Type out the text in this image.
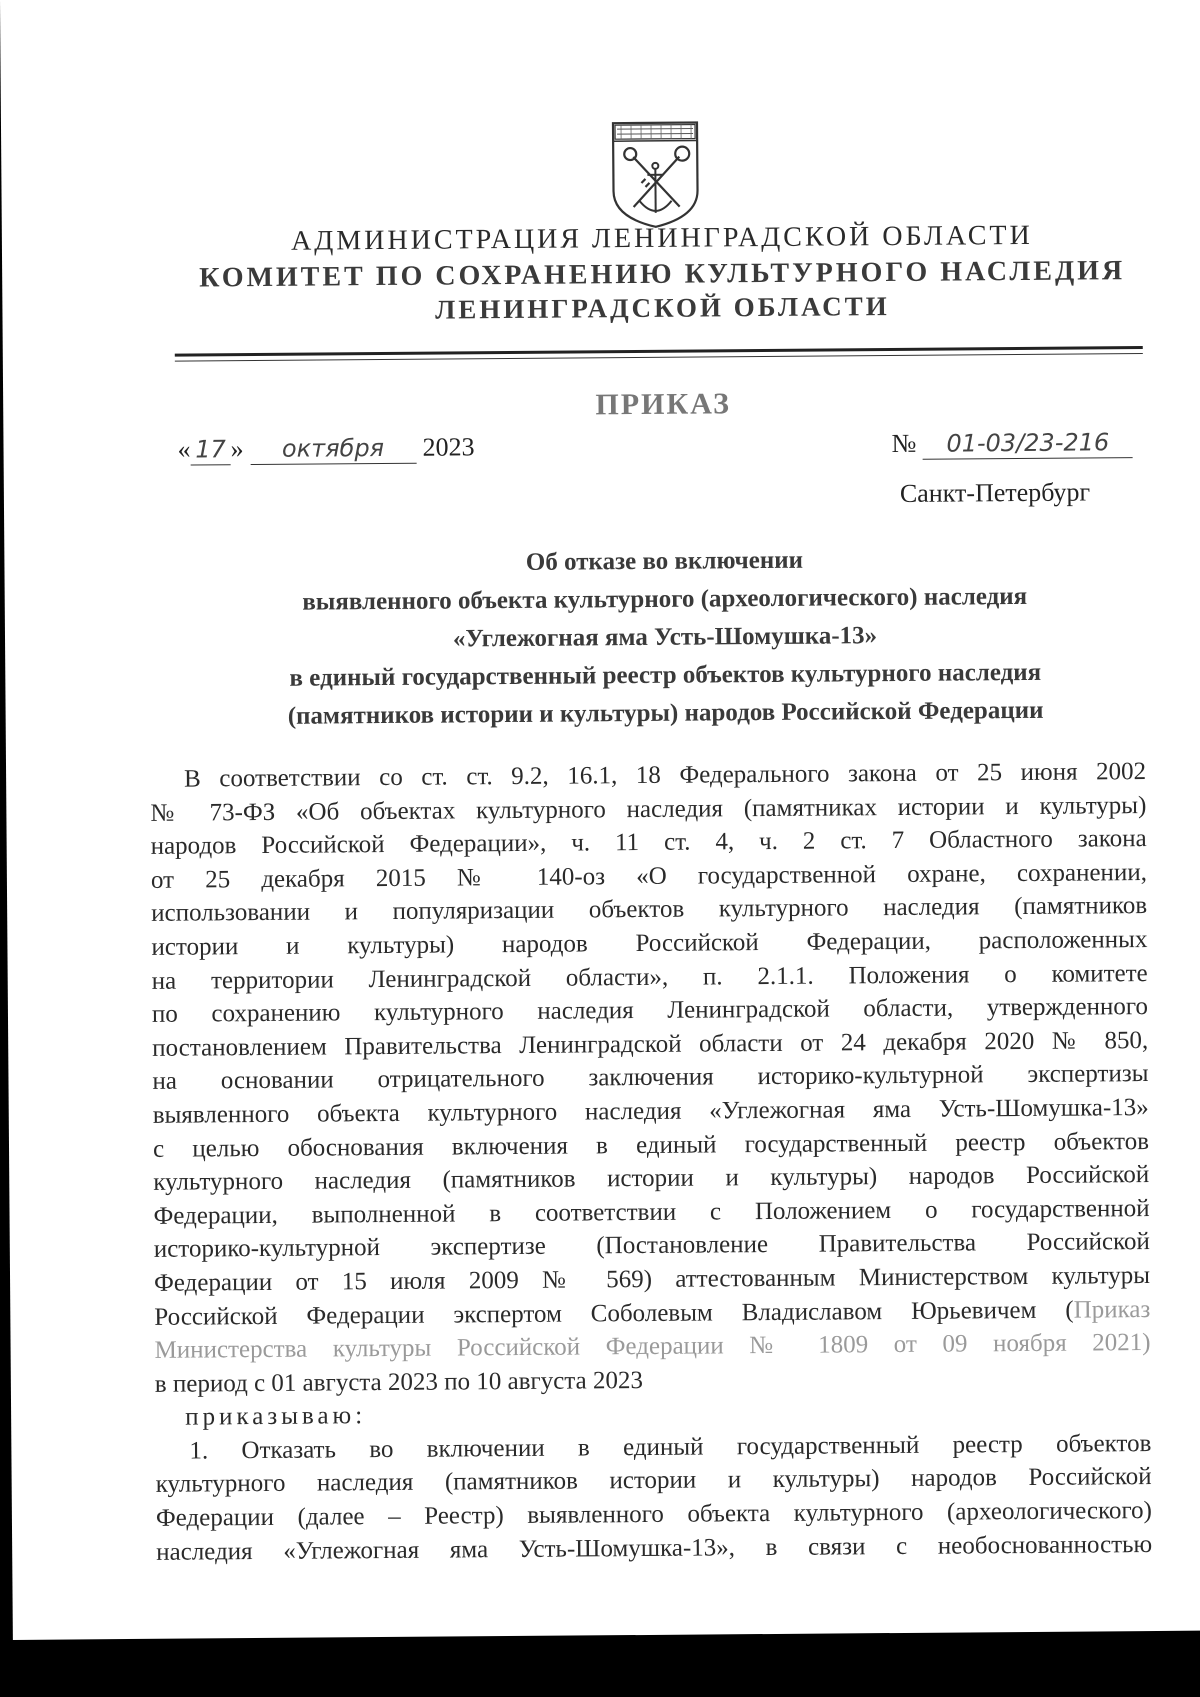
АДМИНИСТРАЦИЯ ЛЕНИНГРАДСКОЙ ОБЛАСТИ
КОМИТЕТ ПО СОХРАНЕНИЮ КУЛЬТУРНОГО НАСЛЕДИЯ
ЛЕНИНГРАДСКОЙ ОБЛАСТИ
ПРИКАЗ
« 17 » октября 2023	№ 01-03/23-216
Санкт-Петербург
Об отказе во включении
выявленного объекта культурного (археологического) наследия
«Углежогная яма Усть-Шомушка-13»
в единый государственный реестр объектов культурного наследия
(памятников истории и культуры) народов Российской Федерации

В соответствии со ст. ст. 9.2, 16.1, 18 Федерального закона от 25 июня 2002

№ 73-ФЗ «Об объектах культурного наследия (памятниках истории и культуры)

народов Российской Федерации», ч. 11 ст. 4, ч. 2 ст. 7 Областного закона

от 25 декабря 2015 № 140-оз «О государственной охране, сохранении,

использовании и популяризации объектов культурного наследия (памятников

истории и культуры) народов Российской Федерации, расположенных

на территории Ленинградской области», п. 2.1.1. Положения о комитете

по сохранению культурного наследия Ленинградской области, утвержденного

постановлением Правительства Ленинградской области от 24 декабря 2020 № 850,

на основании отрицательного заключения историко-культурной экспертизы

выявленного объекта культурного наследия «Углежогная яма Усть-Шомушка-13»

с целью обоснования включения в единый государственный реестр объектов

культурного наследия (памятников истории и культуры) народов Российской

Федерации, выполненной в соответствии с Положением о государственной

историко-культурной экспертизе (Постановление Правительства Российской

Федерации от 15 июля 2009 № 569) аттестованным Министерством культуры

Российской Федерации экспертом Соболевым Владиславом Юрьевичем (Приказ

Министерства культуры Российской Федерации № 1809 от 09 ноября 2021)

в период с 01 августа 2023 по 10 августа 2023

приказываю:

1. Отказать во включении в единый государственный реестр объектов

культурного наследия (памятников истории и культуры) народов Российской

Федерации (далее – Реестр) выявленного объекта культурного (археологического)

наследия «Углежогная яма Усть-Шомушка-13», в связи с необоснованностью
